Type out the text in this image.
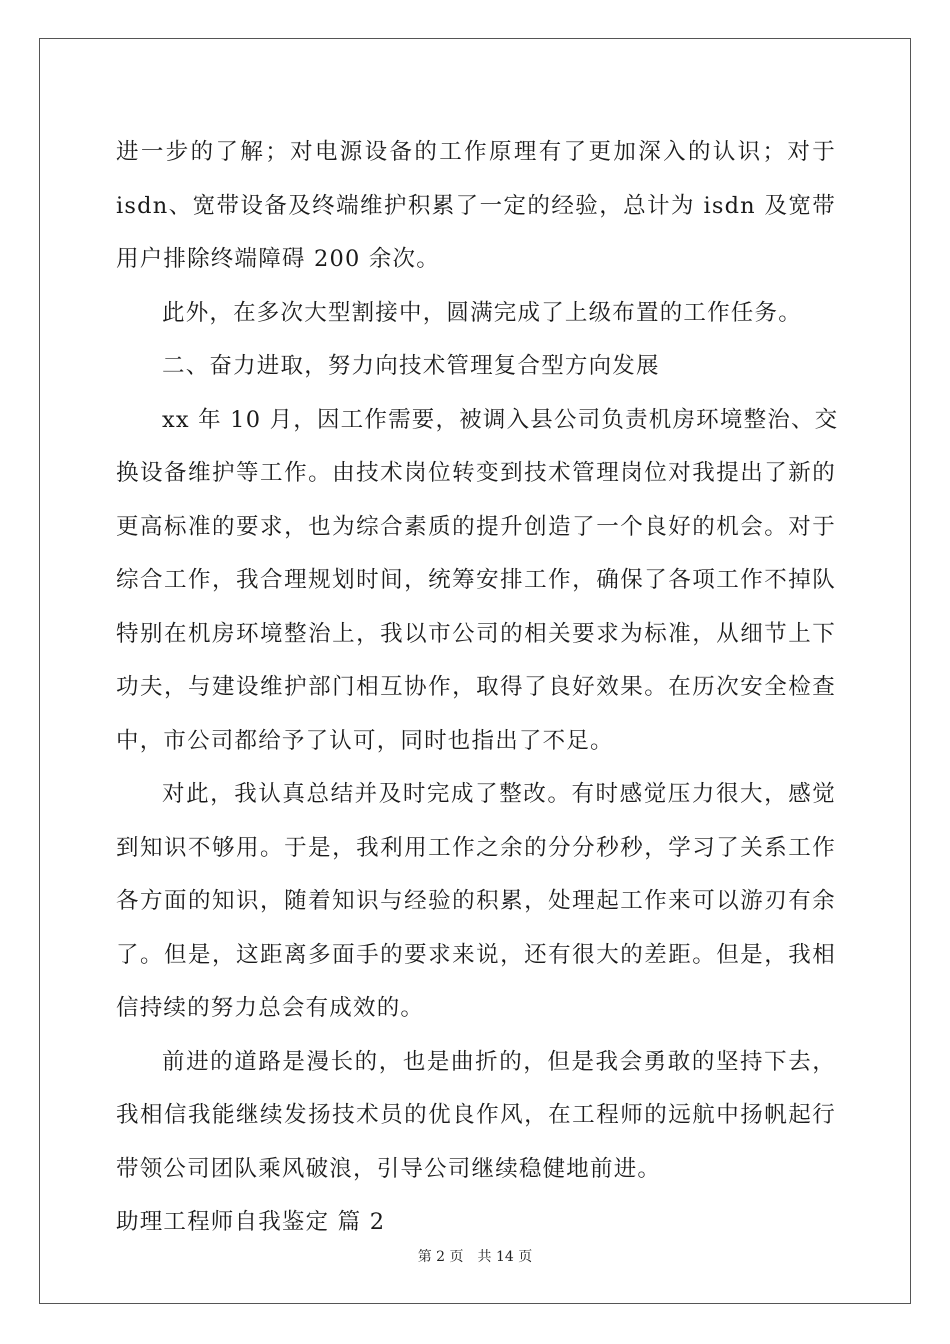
进一步的了解；对电源设备的工作原理有了更加深入的认识；对于
isdn、宽带设备及终端维护积累了一定的经验，总计为 isdn 及宽带
用户排除终端障碍 200 余次。
此外，在多次大型割接中，圆满完成了上级布置的工作任务。
二、奋力进取，努力向技术管理复合型方向发展
xx 年 10 月，因工作需要，被调入县公司负责机房环境整治、交
换设备维护等工作。由技术岗位转变到技术管理岗位对我提出了新的
更高标准的要求，也为综合素质的提升创造了一个良好的机会。对于
综合工作，我合理规划时间，统筹安排工作，确保了各项工作不掉队
特别在机房环境整治上，我以市公司的相关要求为标准，从细节上下
功夫，与建设维护部门相互协作，取得了良好效果。在历次安全检查
中，市公司都给予了认可，同时也指出了不足。
对此，我认真总结并及时完成了整改。有时感觉压力很大，感觉
到知识不够用。于是，我利用工作之余的分分秒秒，学习了关系工作
各方面的知识，随着知识与经验的积累，处理起工作来可以游刃有余
了。但是，这距离多面手的要求来说，还有很大的差距。但是，我相
信持续的努力总会有成效的。
前进的道路是漫长的，也是曲折的，但是我会勇敢的坚持下去，
我相信我能继续发扬技术员的优良作风，在工程师的远航中扬帆起行
带领公司团队乘风破浪，引导公司继续稳健地前进。
助理工程师自我鉴定 篇 2
第 2 页 共 14 页
